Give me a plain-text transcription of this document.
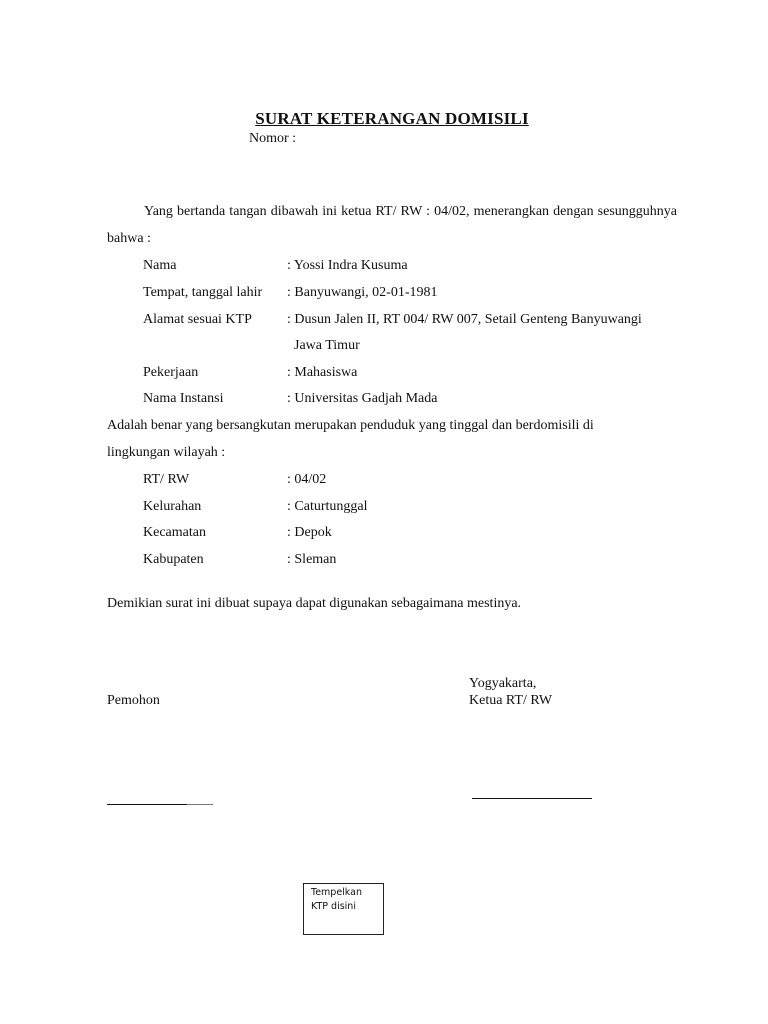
SURAT KETERANGAN DOMISILI
Nomor :
Yang bertanda tangan dibawah ini ketua RT/ RW : 04/02, menerangkan dengan sesungguhnya bahwa :
Nama	: Yossi Indra Kusuma
Tempat, tanggal lahir : Banyuwangi, 02-01-1981
Alamat sesuai KTP	: Dusun Jalen II, RT 004/ RW 007, Setail Genteng Banyuwangi
Jawa Timur
Pekerjaan	: Mahasiswa
Nama Instansi	: Universitas Gadjah Mada
Adalah benar yang bersangkutan merupakan penduduk yang tinggal dan berdomisili di lingkungan wilayah :
RT/ RW	: 04/02
Kelurahan	: Caturtunggal
Kecamatan	: Depok
Kabupaten	: Sleman
Demikian surat ini dibuat supaya dapat digunakan sebagaimana mestinya.
Yogyakarta,
Pemohon	Ketua RT/ RW
Tempelkan
KTP disini
